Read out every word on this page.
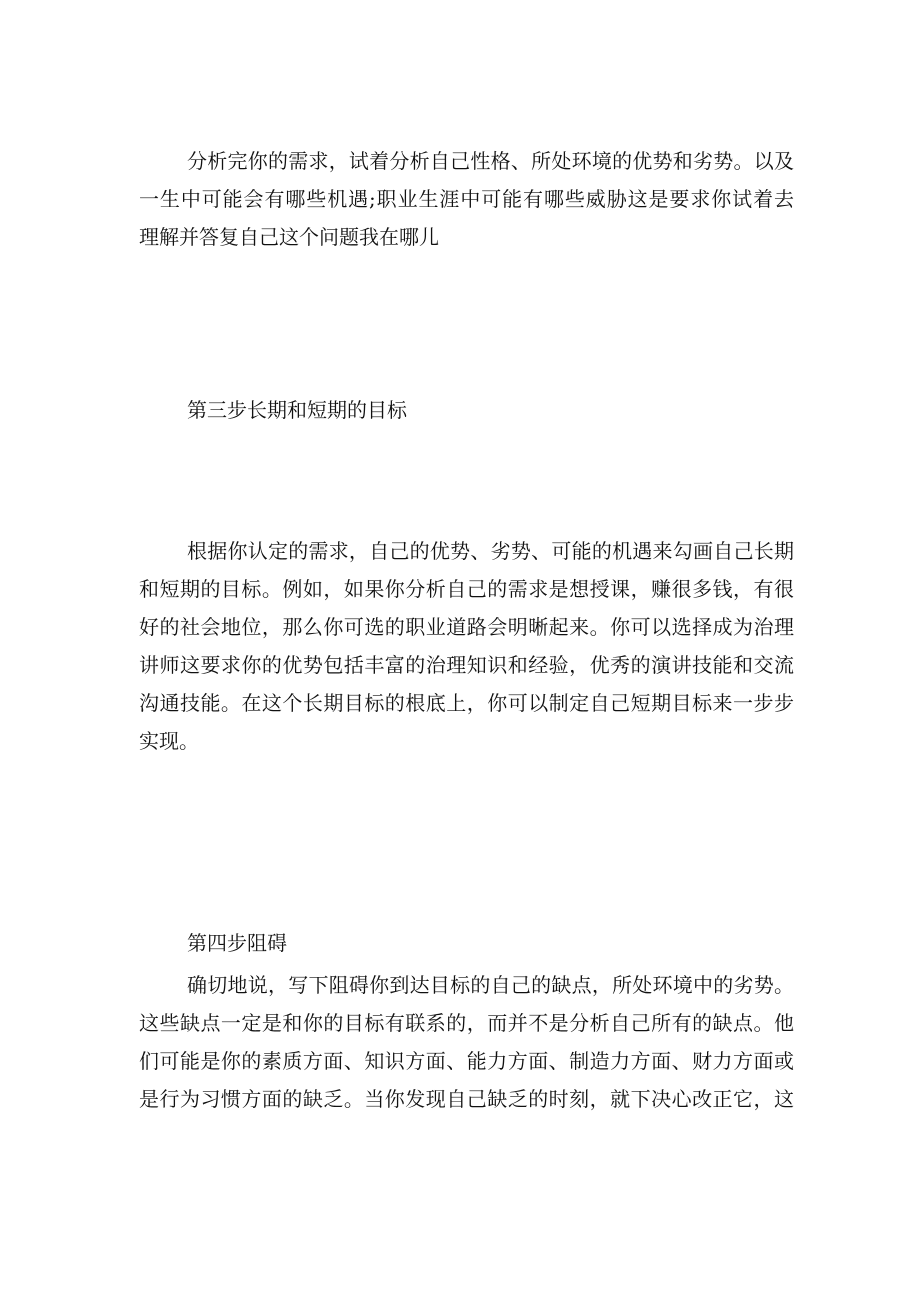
分析完你的需求，试着分析自己性格、所处环境的优势和劣势。以及
一生中可能会有哪些机遇;职业生涯中可能有哪些威胁这是要求你试着去
理解并答复自己这个问题我在哪儿
第三步长期和短期的目标
根据你认定的需求，自己的优势、劣势、可能的机遇来勾画自己长期
和短期的目标。例如，如果你分析自己的需求是想授课，赚很多钱，有很
好的社会地位，那么你可选的职业道路会明晰起来。你可以选择成为治理
讲师这要求你的优势包括丰富的治理知识和经验，优秀的演讲技能和交流
沟通技能。在这个长期目标的根底上，你可以制定自己短期目标来一步步
实现。
第四步阻碍
确切地说，写下阻碍你到达目标的自己的缺点，所处环境中的劣势。
这些缺点一定是和你的目标有联系的，而并不是分析自己所有的缺点。他
们可能是你的素质方面、知识方面、能力方面、制造力方面、财力方面或
是行为习惯方面的缺乏。当你发现自己缺乏的时刻，就下决心改正它，这
